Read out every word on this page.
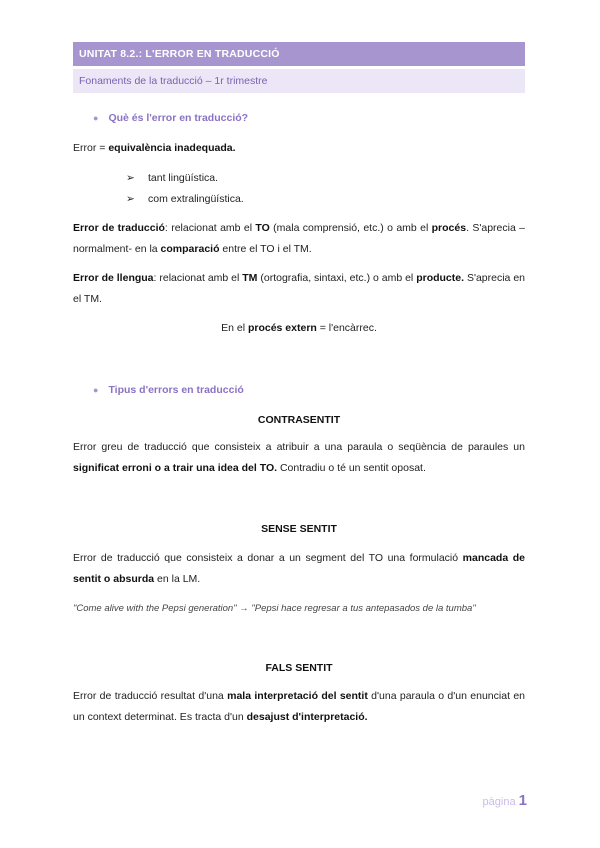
UNITAT 8.2.: L'ERROR EN TRADUCCIÓ
Fonaments de la traducció – 1r trimestre
● Què és l'error en traducció?
Error = equivalència inadequada.
➢ tant lingüística.
➢ com extralingüística.
Error de traducció: relacionat amb el TO (mala comprensió, etc.) o amb el procés. S'aprecia –normalment- en la comparació entre el TO i el TM.
Error de llengua: relacionat amb el TM (ortografia, sintaxi, etc.) o amb el producte. S'aprecia en el TM.
En el procés extern = l'encàrrec.
● Tipus d'errors en traducció
CONTRASENTIT
Error greu de traducció que consisteix a atribuir a una paraula o seqüència de paraules un significat erroni o a trair una idea del TO. Contradiu o té un sentit oposat.
SENSE SENTIT
Error de traducció que consisteix a donar a un segment del TO una formulació mancada de sentit o absurda en la LM.
"Come alive with the Pepsi generation" → "Pepsi hace regresar a tus antepasados de la tumba"
FALS SENTIT
Error de traducció resultat d'una mala interpretació del sentit d'una paraula o d'un enunciat en un context determinat. Es tracta d'un desajust d'interpretació.
pàgina 1
